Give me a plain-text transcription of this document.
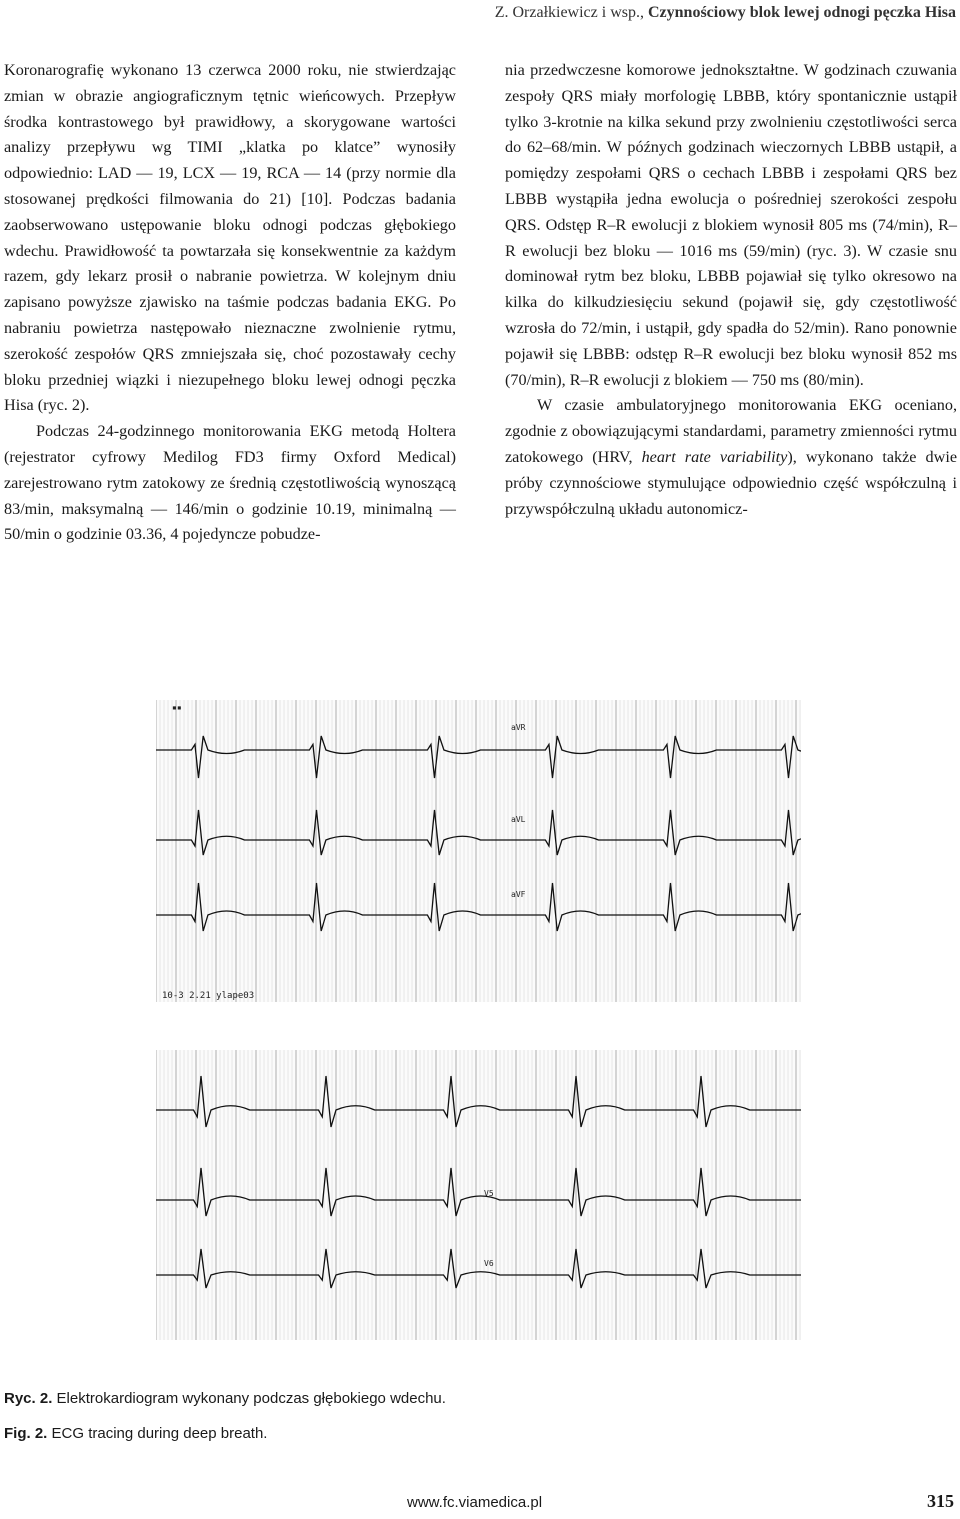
Z. Orzałkiewicz i wsp., Czynnościowy blok lewej odnogi pęczka Hisa

Koronarografię wykonano 13 czerwca 2000 roku, nie stwierdzając zmian w obrazie angiograficznym tętnic wieńcowych. Przepływ środka kontrastowego był prawidłowy, a skorygowane wartości analizy przepływu wg TIMI „klatka po klatce” wynosiły odpowiednio: LAD — 19, LCX — 19, RCA — 14 (przy normie dla stosowanej prędkości filmowania do 21) [10]. Podczas badania zaobserwowano ustępowanie bloku odnogi podczas głębokiego wdechu. Prawidłowość ta powtarzała się konsekwentnie za każdym razem, gdy lekarz prosił o nabranie powietrza. W kolejnym dniu zapisano powyższe zjawisko na taśmie podczas badania EKG. Po nabraniu powietrza następowało nieznaczne zwolnienie rytmu, szerokość zespołów QRS zmniejszała się, choć pozostawały cechy bloku przedniej wiązki i niezupełnego bloku lewej odnogi pęczka Hisa (ryc. 2).

Podczas 24-godzinnego monitorowania EKG metodą Holtera (rejestrator cyfrowy Medilog FD3 firmy Oxford Medical) zarejestrowano rytm zatokowy ze średnią częstotliwością wynoszącą 83/min, maksymalną — 146/min o godzinie 10.19, minimalną — 50/min o godzinie 03.36, 4 pojedyncze pobudze-

nia przedwczesne komorowe jednokształtne. W godzinach czuwania zespoły QRS miały morfologię LBBB, który spontanicznie ustąpił tylko 3-krotnie na kilka sekund przy zwolnieniu częstotliwości serca do 62–68/min. W późnych godzinach wieczornych LBBB ustąpił, a pomiędzy zespołami QRS o cechach LBBB i zespołami QRS bez LBBB wystąpiła jedna ewolucja o pośredniej szerokości zespołu QRS. Odstęp R–R ewolucji z blokiem wynosił 805 ms (74/min), R–R ewolucji bez bloku — 1016 ms (59/min) (ryc. 3). W czasie snu dominował rytm bez bloku, LBBB pojawiał się tylko okresowo na kilka do kilkudziesięciu sekund (pojawił się, gdy częstotliwość wzrosła do 72/min, i ustąpił, gdy spadła do 52/min). Rano ponownie pojawił się LBBB: odstęp R–R ewolucji bez bloku wynosił 852 ms (70/min), R–R ewolucji z blokiem — 750 ms (80/min).

W czasie ambulatoryjnego monitorowania EKG oceniano, zgodnie z obowiązującymi standardami, parametry zmienności rytmu zatokowego (HRV, heart rate variability), wykonano także dwie próby czynnościowe stymulujące odpowiednio część współczulną i przywspółczulną układu autonomicz-

▪▪
aVR
aVL
aVF
10-3 2.21 ylape03
V5
V6
Ryc. 2. Elektrokardiogram wykonany podczas głębokiego wdechu.
Fig. 2. ECG tracing during deep breath.
www.fc.viamedica.pl	315
